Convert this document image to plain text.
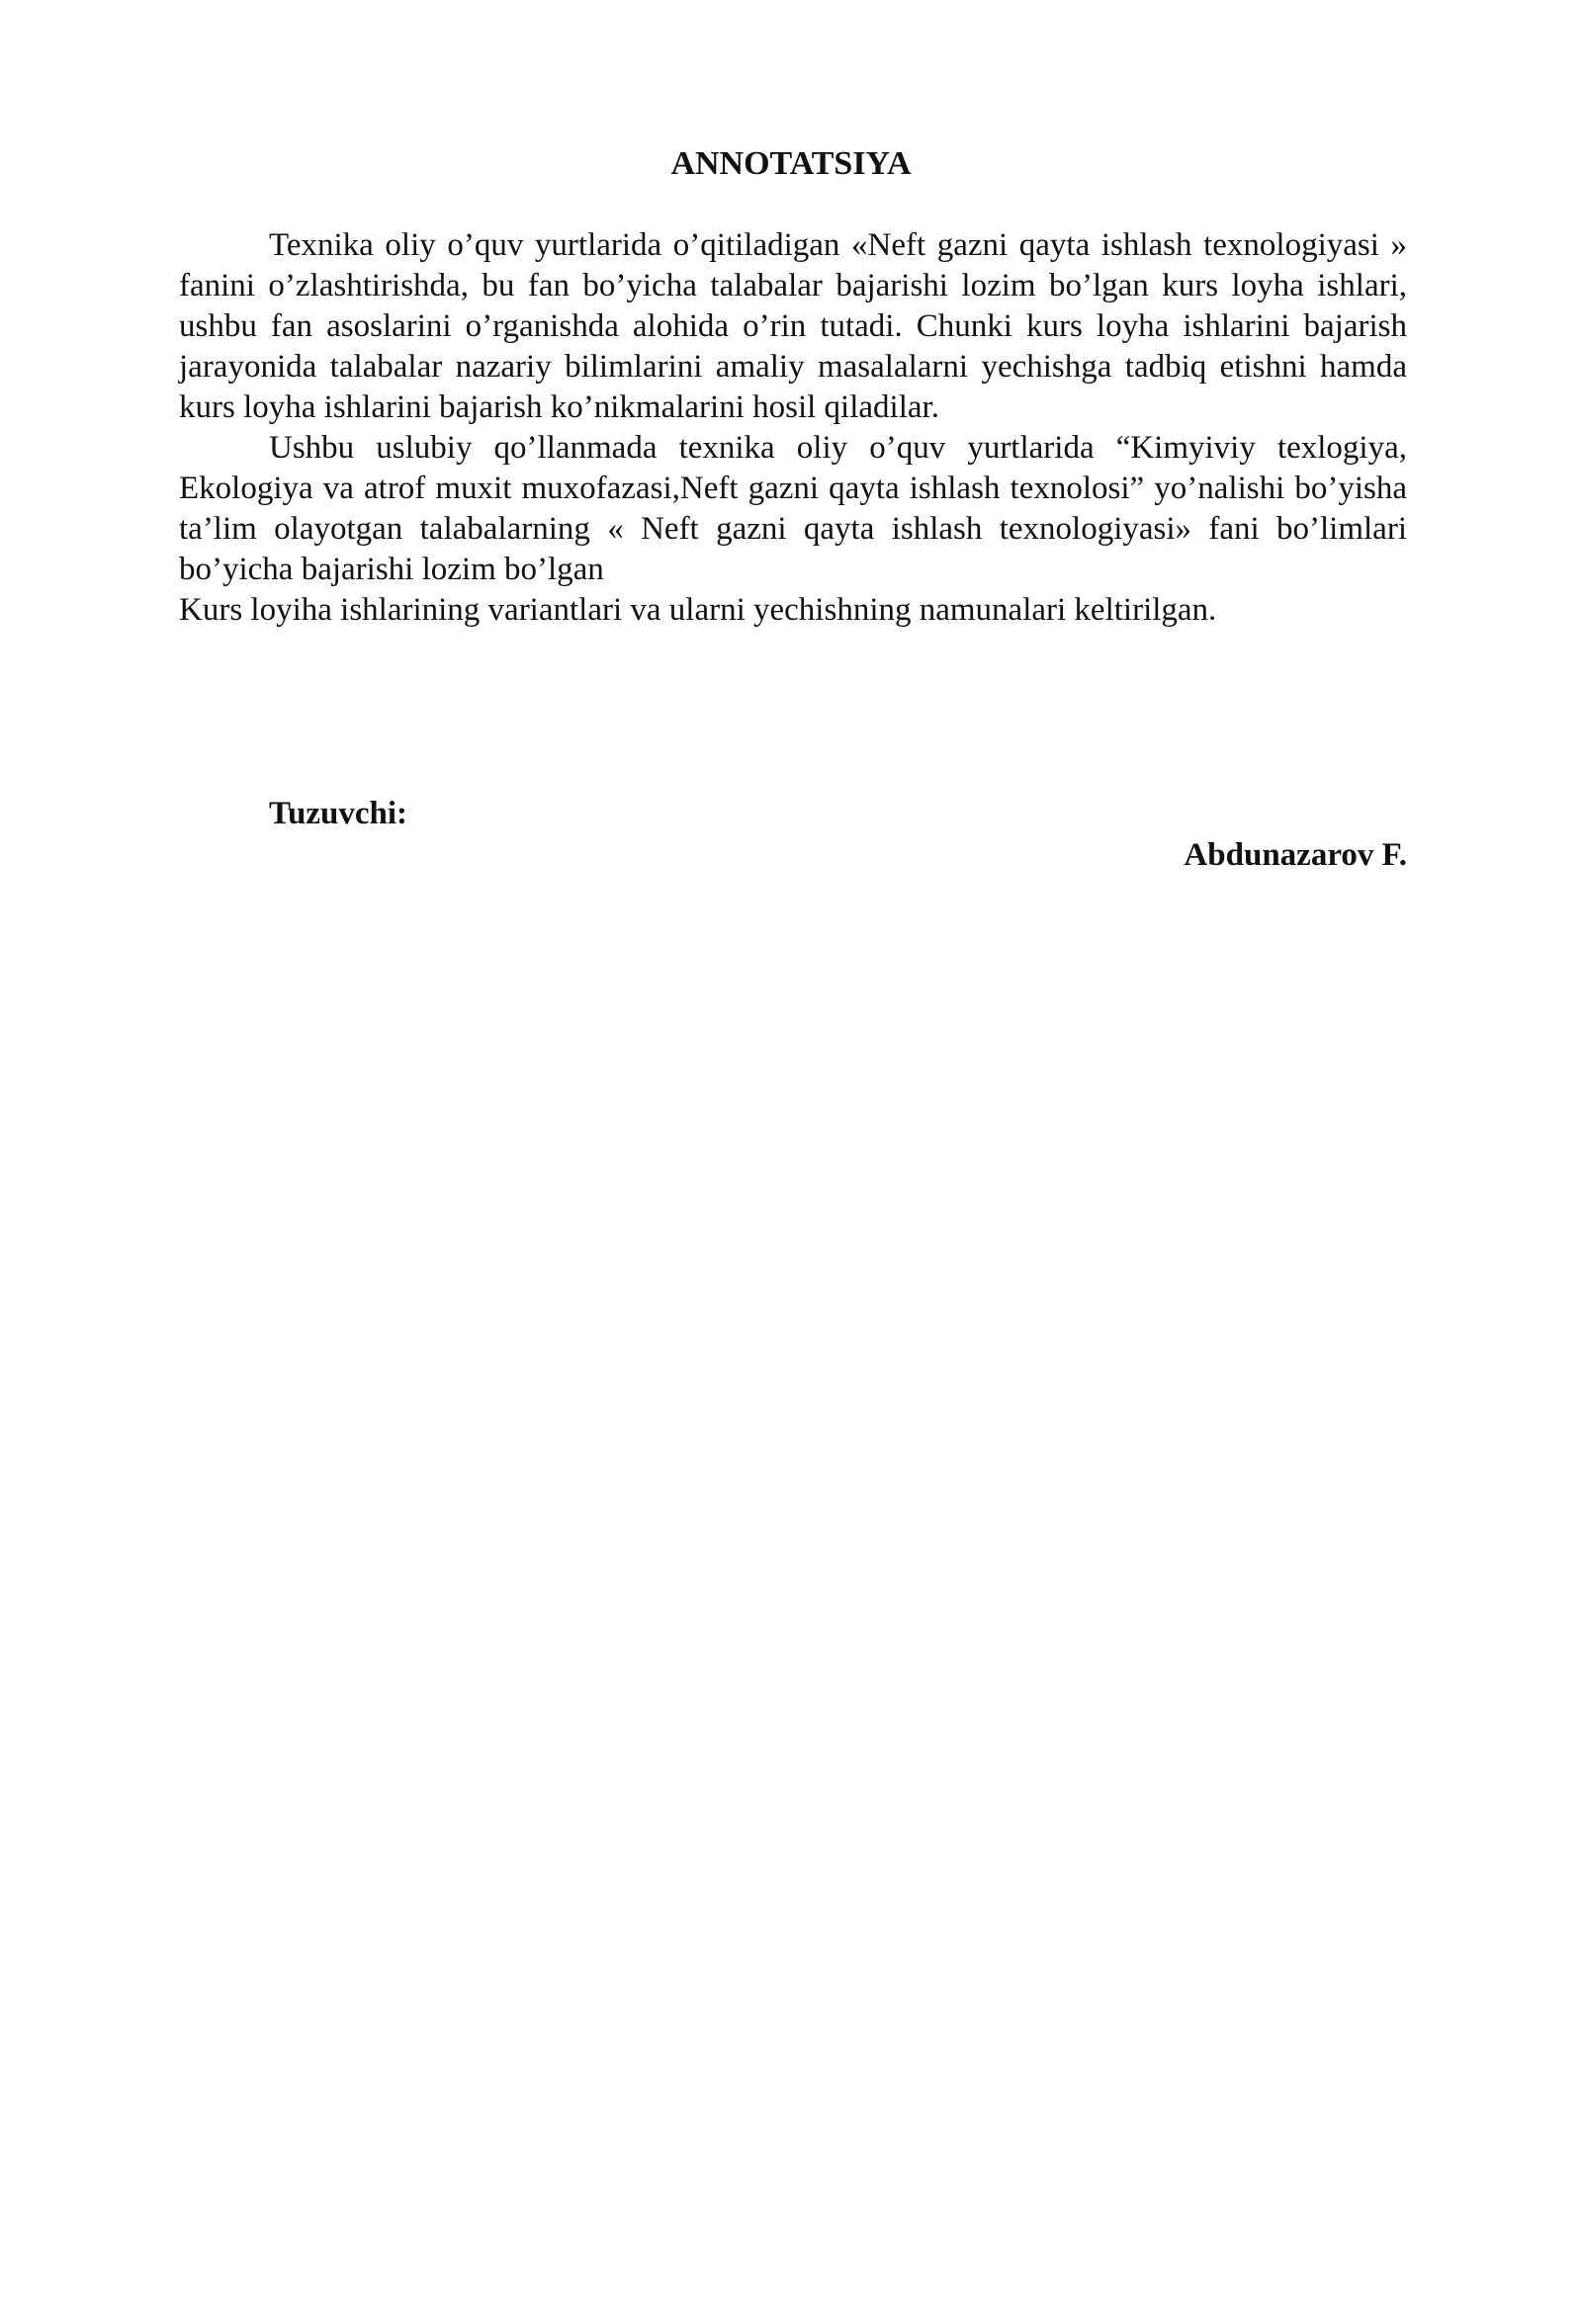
ANNOTATSIYA

Texnika oliy o’quv yurtlarida o’qitiladigan «Neft gazni qayta ishlash texnologiyasi » fanini o’zlashtirishda, bu fan bo’yicha talabalar bajarishi lozim bo’lgan kurs loyha ishlari, ushbu fan asoslarini o’rganishda alohida o’rin tutadi. Chunki kurs loyha ishlarini bajarish jarayonida talabalar nazariy bilimlarini amaliy masalalarni yechishga tadbiq etishni hamda kurs loyha ishlarini bajarish ko’nikmalarini hosil qiladilar.

Ushbu uslubiy qo’llanmada texnika oliy o’quv yurtlarida “Kimyiviy texlogiya, Ekologiya va atrof muxit muxofazasi,Neft gazni qayta ishlash texnolosi” yo’nalishi bo’yisha ta’lim olayotgan talabalarning « Neft gazni qayta ishlash texnologiyasi» fani bo’limlari bo’yicha bajarishi lozim bo’lgan

Kurs loyiha ishlarining variantlari va ularni yechishning namunalari keltirilgan.

Tuzuvchi:

Abdunazarov F.
